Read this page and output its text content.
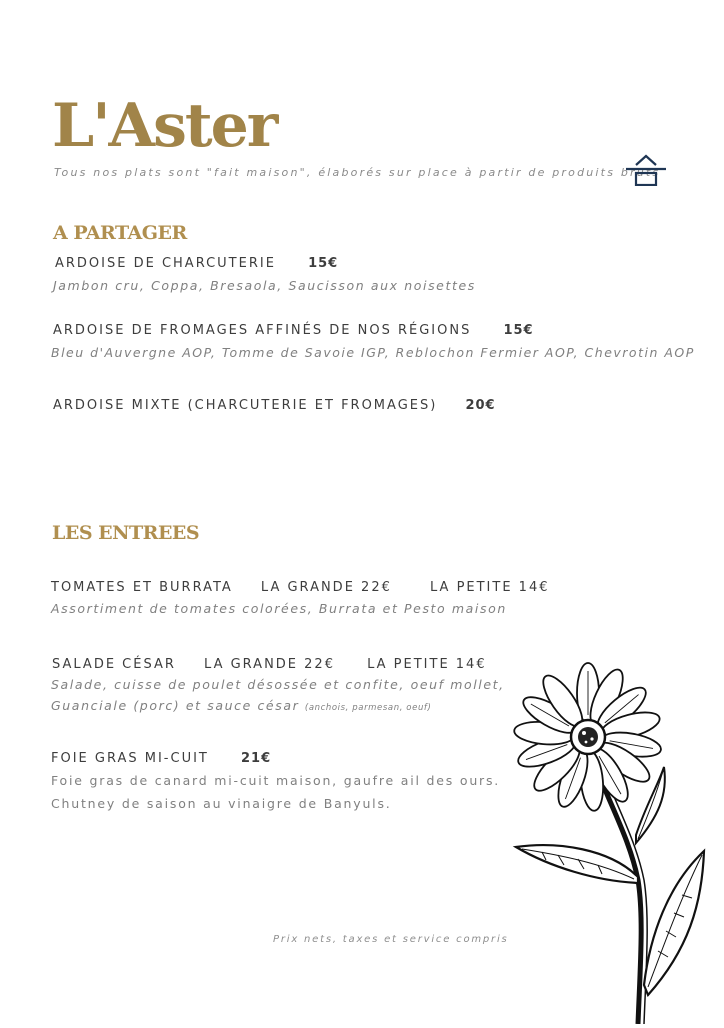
L'Aster
Tous nos plats sont "fait maison", élaborés sur place à partir de produits bruts
A PARTAGER
ARDOISE DE CHARCUTERIE 15€
Jambon cru, Coppa, Bresaola, Saucisson aux noisettes
ARDOISE DE FROMAGES AFFINÉS DE NOS RÉGIONS 15€
Bleu d'Auvergne AOP, Tomme de Savoie IGP, Reblochon Fermier AOP, Chevrotin AOP
ARDOISE MIXTE (CHARCUTERIE ET FROMAGES) 20€
LES ENTREES
TOMATES ET BURRATA LA GRANDE 22€	LA PETITE 14€
Assortiment de tomates colorées, Burrata et Pesto maison
SALADE CÉSAR LA GRANDE 22€ LA PETITE 14€
Salade, cuisse de poulet désossée et confite, oeuf mollet,
Guanciale (porc) et sauce césar (anchois, parmesan, oeuf)
FOIE GRAS MI-CUIT 21€
Foie gras de canard mi-cuit maison, gaufre ail des ours.
Chutney de saison au vinaigre de Banyuls.
Prix nets, taxes et service compris
